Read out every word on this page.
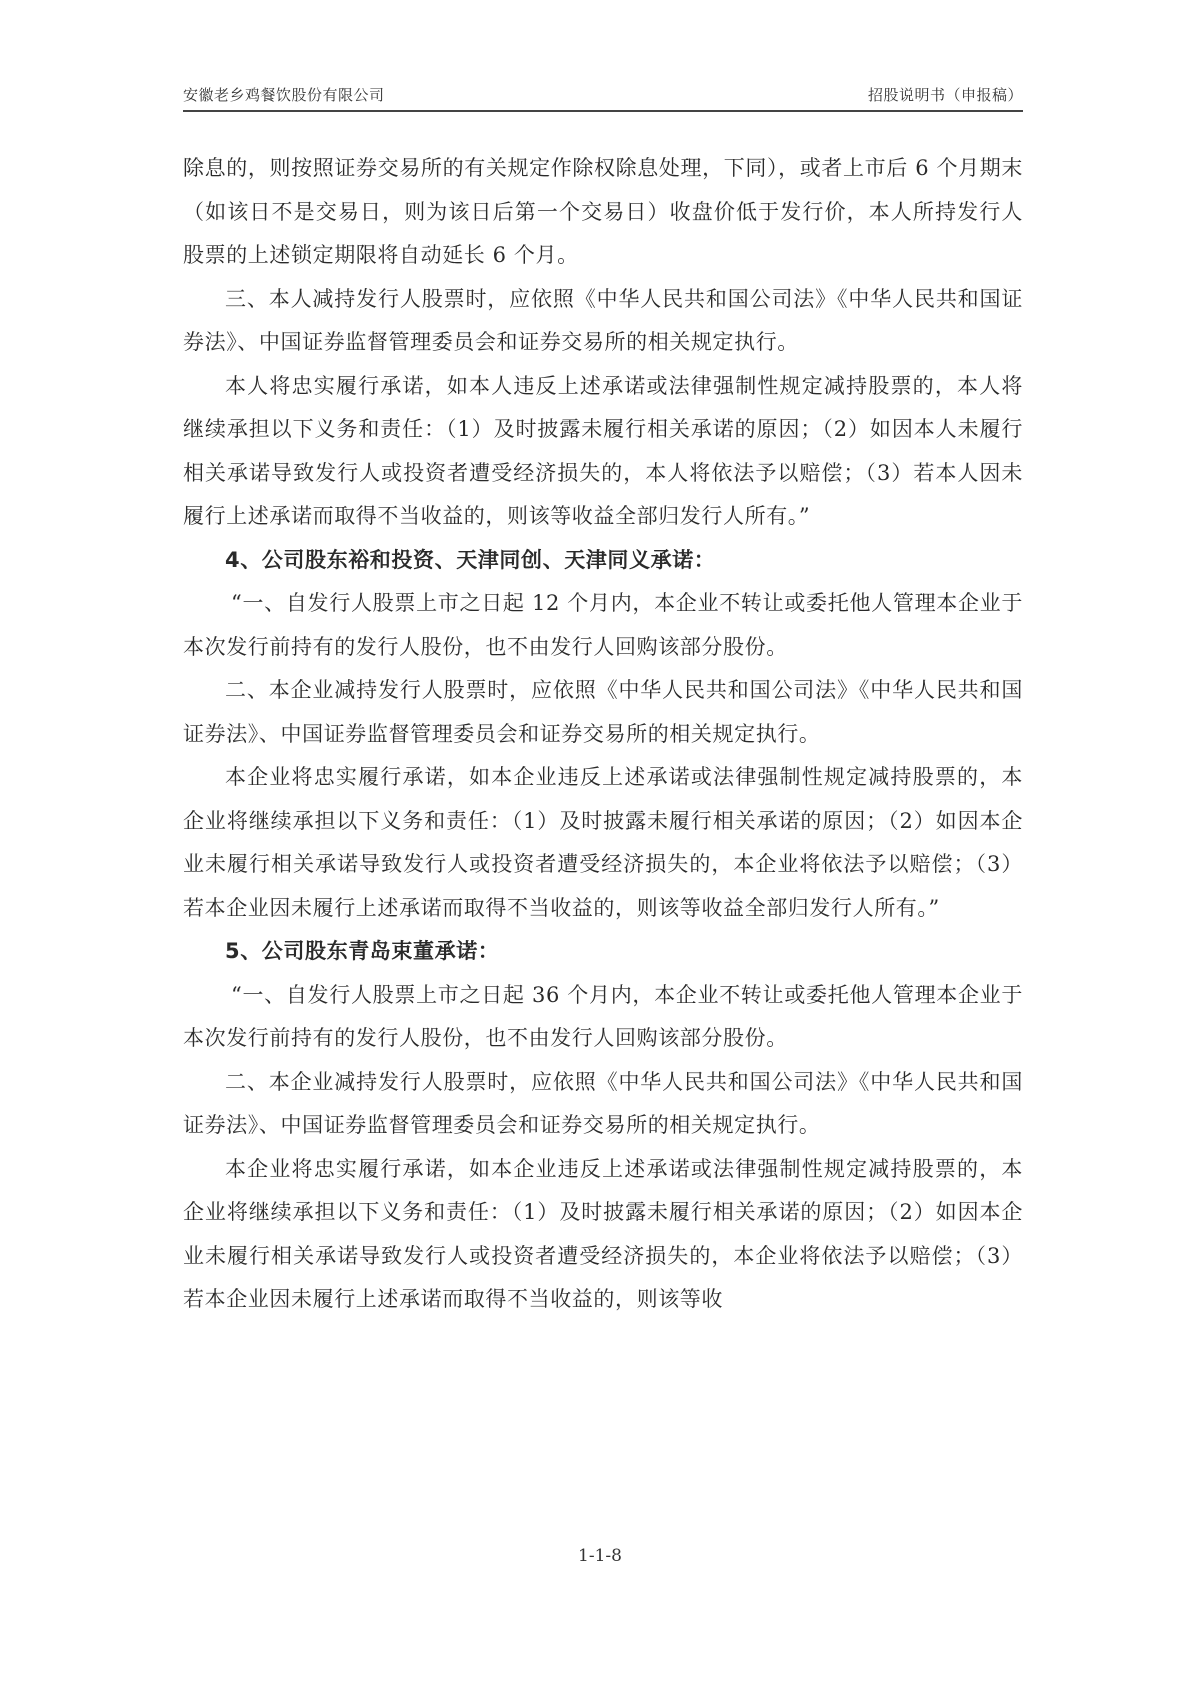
安徽老乡鸡餐饮股份有限公司	招股说明书（申报稿）

除息的，则按照证券交易所的有关规定作除权除息处理，下同），或者上市后 6 个月期末（如该日不是交易日，则为该日后第一个交易日）收盘价低于发行价，本人所持发行人股票的上述锁定期限将自动延长 6 个月。

三、本人减持发行人股票时，应依照《中华人民共和国公司法》《中华人民共和国证券法》、中国证券监督管理委员会和证券交易所的相关规定执行。

本人将忠实履行承诺，如本人违反上述承诺或法律强制性规定减持股票的，本人将继续承担以下义务和责任：（1）及时披露未履行相关承诺的原因；（2）如因本人未履行相关承诺导致发行人或投资者遭受经济损失的，本人将依法予以赔偿；（3）若本人因未履行上述承诺而取得不当收益的，则该等收益全部归发行人所有。”

4、公司股东裕和投资、天津同创、天津同义承诺：

“一、自发行人股票上市之日起 12 个月内，本企业不转让或委托他人管理本企业于本次发行前持有的发行人股份，也不由发行人回购该部分股份。

二、本企业减持发行人股票时，应依照《中华人民共和国公司法》《中华人民共和国证券法》、中国证券监督管理委员会和证券交易所的相关规定执行。

本企业将忠实履行承诺，如本企业违反上述承诺或法律强制性规定减持股票的，本企业将继续承担以下义务和责任：（1）及时披露未履行相关承诺的原因；（2）如因本企业未履行相关承诺导致发行人或投资者遭受经济损失的，本企业将依法予以赔偿；（3）若本企业因未履行上述承诺而取得不当收益的，则该等收益全部归发行人所有。”

5、公司股东青岛束董承诺：

“一、自发行人股票上市之日起 36 个月内，本企业不转让或委托他人管理本企业于本次发行前持有的发行人股份，也不由发行人回购该部分股份。

二、本企业减持发行人股票时，应依照《中华人民共和国公司法》《中华人民共和国证券法》、中国证券监督管理委员会和证券交易所的相关规定执行。

本企业将忠实履行承诺，如本企业违反上述承诺或法律强制性规定减持股票的，本企业将继续承担以下义务和责任：（1）及时披露未履行相关承诺的原因；（2）如因本企业未履行相关承诺导致发行人或投资者遭受经济损失的，本企业将依法予以赔偿；（3）若本企业因未履行上述承诺而取得不当收益的，则该等收

1-1-8
